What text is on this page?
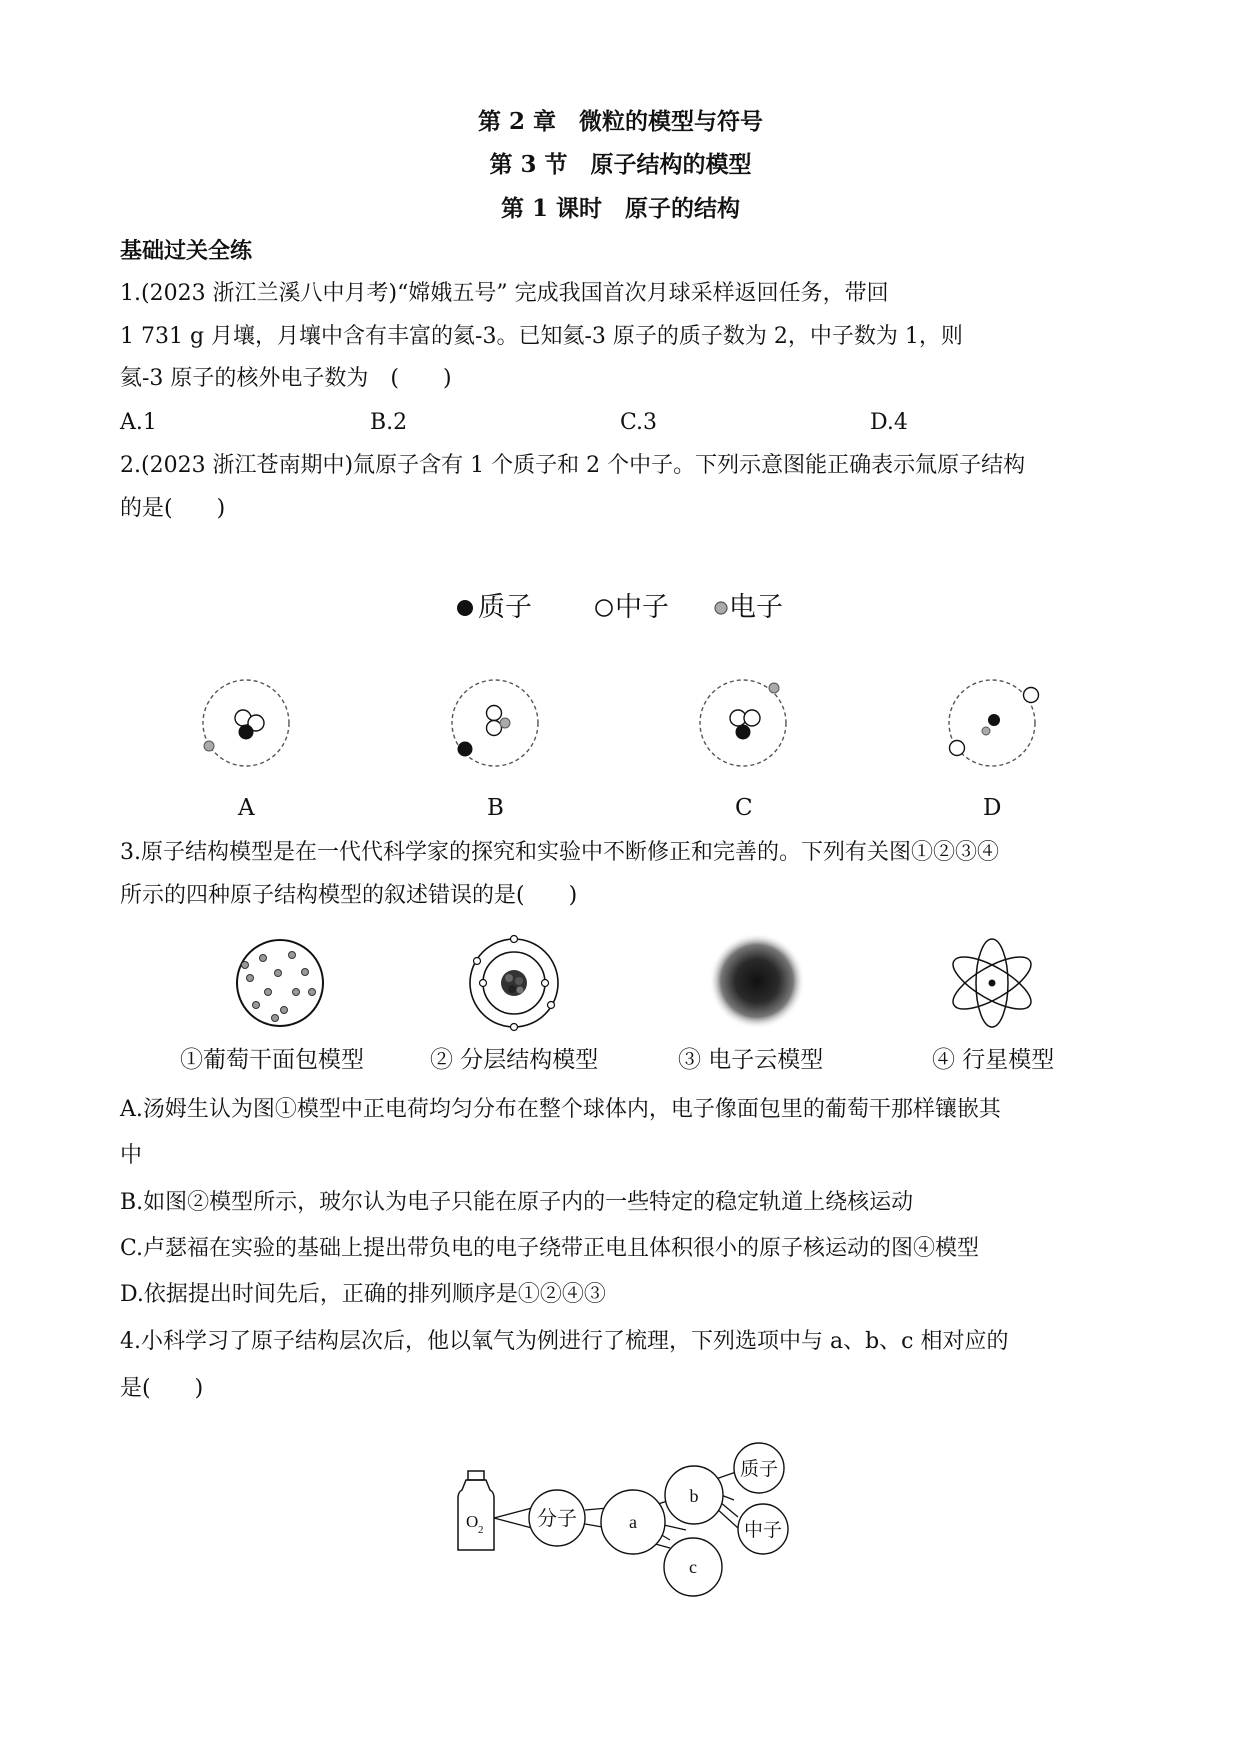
第 2 章　微粒的模型与符号
第 3 节　原子结构的模型
第 1 课时　原子的结构
基础过关全练
1.(2023 浙江兰溪八中月考)“嫦娥五号” 完成我国首次月球采样返回任务，带回
1 731 g 月壤，月壤中含有丰富的氦-3。已知氦-3 原子的质子数为 2，中子数为 1，则
氦-3 原子的核外电子数为　(　　)
A.1	B.2	C.3	D.4
2.(2023 浙江苍南期中)氚原子含有 1 个质子和 2 个中子。下列示意图能正确表示氚原子结构
的是(　　)
质子	中子 电子
A	B	C	D
3.原子结构模型是在一代代科学家的探究和实验中不断修正和完善的。下列有关图①②③④
所示的四种原子结构模型的叙述错误的是(　　)
①葡萄干面包模型	② 分层结构模型	③ 电子云模型	④ 行星模型
A.汤姆生认为图①模型中正电荷均匀分布在整个球体内，电子像面包里的葡萄干那样镶嵌其
中
B.如图②模型所示，玻尔认为电子只能在原子内的一些特定的稳定轨道上绕核运动
C.卢瑟福在实验的基础上提出带负电的电子绕带正电且体积很小的原子核运动的图④模型
D.依据提出时间先后，正确的排列顺序是①②④③
4.小科学习了原子结构层次后，他以氧气为例进行了梳理，下列选项中与 a、b、c 相对应的
是(　　)
O 2	分子	a
b
c
质子
中子
